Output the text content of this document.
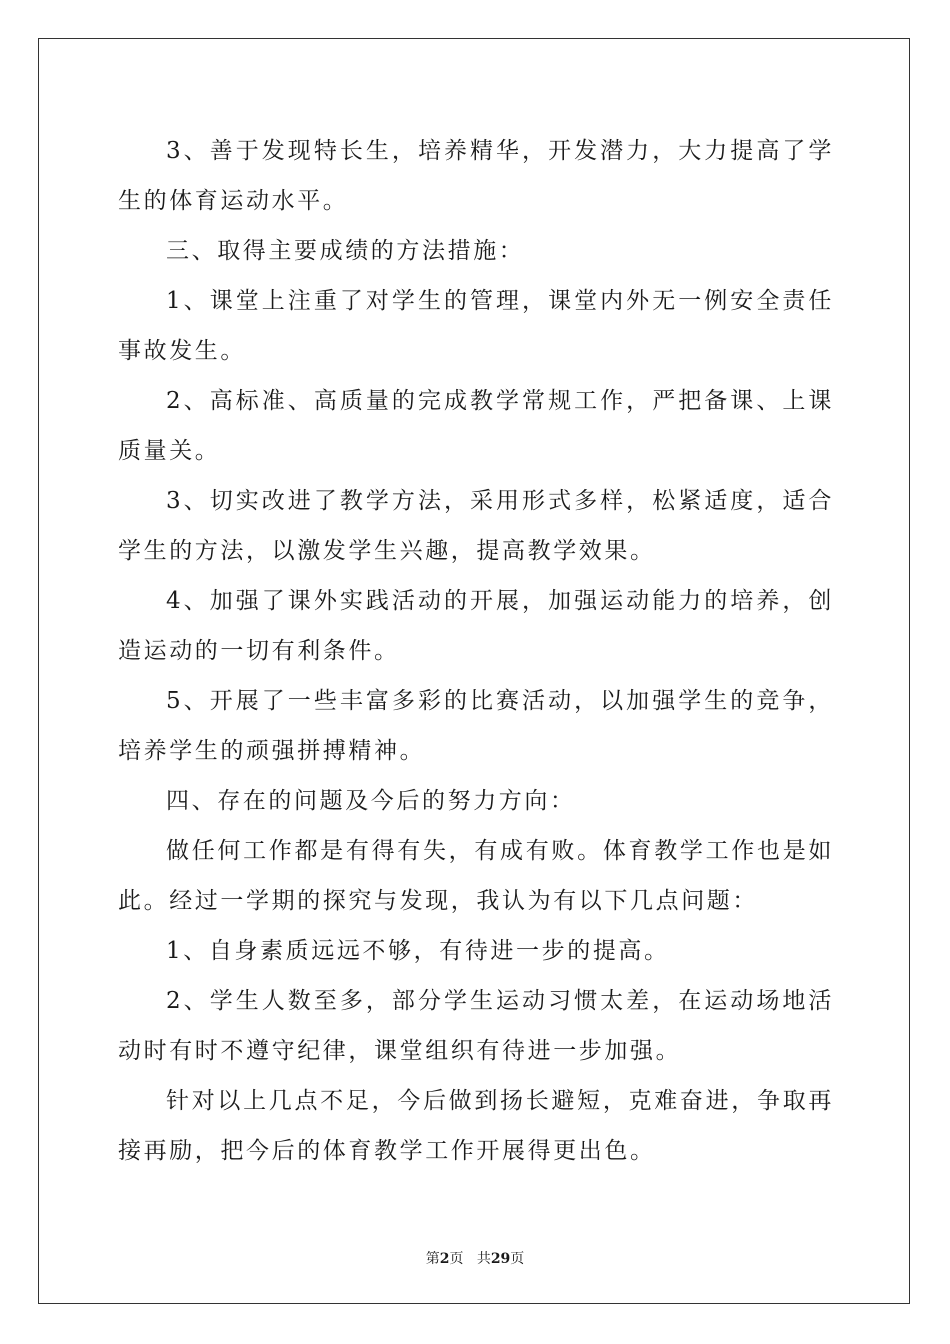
3、善于发现特长生，培养精华，开发潜力，大力提高了学生的体育运动水平。

三、取得主要成绩的方法措施：

1、课堂上注重了对学生的管理，课堂内外无一例安全责任事故发生。

2、高标准、高质量的完成教学常规工作，严把备课、上课质量关。

3、切实改进了教学方法，采用形式多样，松紧适度，适合学生的方法，以激发学生兴趣，提高教学效果。

4、加强了课外实践活动的开展，加强运动能力的培养，创造运动的一切有利条件。

5、开展了一些丰富多彩的比赛活动，以加强学生的竞争，培养学生的顽强拼搏精神。

四、存在的问题及今后的努力方向：

做任何工作都是有得有失，有成有败。体育教学工作也是如此。经过一学期的探究与发现，我认为有以下几点问题：

1、自身素质远远不够，有待进一步的提高。

2、学生人数至多，部分学生运动习惯太差，在运动场地活动时有时不遵守纪律，课堂组织有待进一步加强。

针对以上几点不足，今后做到扬长避短，克难奋进，争取再接再励，把今后的体育教学工作开展得更出色。

第2页 共29页
